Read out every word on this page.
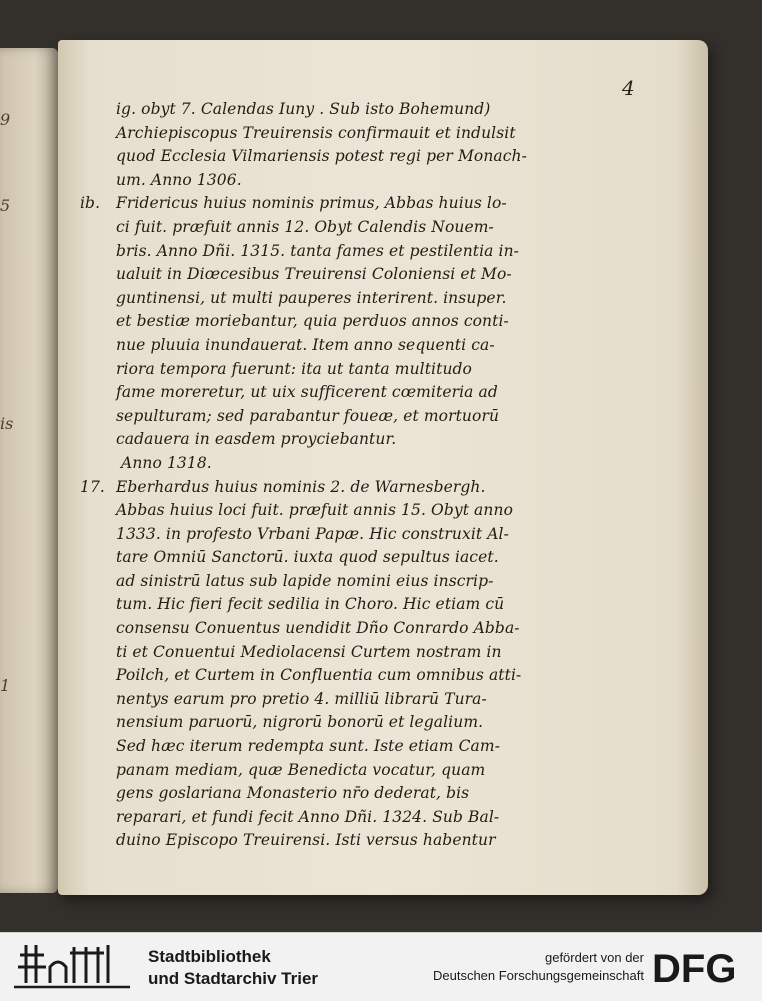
9
5
is
1
4
ig. obyt 7. Calendas Iuny . Sub isto Bohemund)
Archiepiscopus Treuirensis confirmauit et indulsit
quod Ecclesia Vilmariensis potest regi per Monach-
um. Anno 1306.
ib. Fridericus huius nominis primus, Abbas huius lo-
ci fuit. præfuit annis 12. Obyt Calendis Nouem-
bris. Anno Dñi. 1315. tanta fames et pestilentia in-
ualuit in Diœcesibus Treuirensi Coloniensi et Mo-
guntinensi, ut multi pauperes interirent. insuper.
et bestiæ moriebantur, quia perduos annos conti-
nue pluuia inundauerat. Item anno sequenti ca-
riora tempora fuerunt: ita ut tanta multitudo
fame moreretur, ut uix sufficerent cœmiteria ad
sepulturam; sed parabantur foueæ, et mortuorū
cadauera in easdem proyciebantur.
Anno 1318.
17. Eberhardus huius nominis 2. de Warnesbergh.
Abbas huius loci fuit. præfuit annis 15. Obyt anno
1333. in profesto Vrbani Papæ. Hic construxit Al-
tare Omniū Sanctorū. iuxta quod sepultus iacet.
ad sinistrū latus sub lapide nomini eius inscrip-
tum. Hic fieri fecit sedilia in Choro. Hic etiam cū
consensu Conuentus uendidit Dño Conrardo Abba-
ti et Conuentui Mediolacensi Curtem nostram in
Poilch, et Curtem in Confluentia cum omnibus atti-
nentys earum pro pretio 4. milliū librarū Tura-
nensium paruorū, nigrorū bonorū et legalium.
Sed hæc iterum redempta sunt. Iste etiam Cam-
panam mediam, quæ Benedicta vocatur, quam
gens goslariana Monasterio nr̄o dederat, bis
reparari, et fundi fecit Anno Dñi. 1324. Sub Bal-
duino Episcopo Treuirensi. Isti versus habentur
Stadtbibliothek
und Stadtarchiv Trier
gefördert von der
Deutschen Forschungsgemeinschaft DFG
